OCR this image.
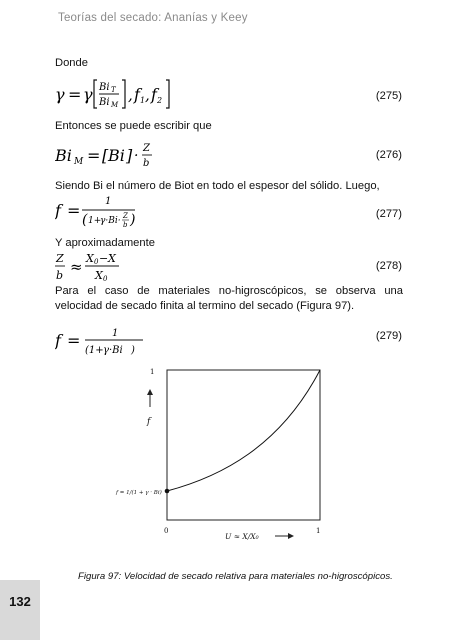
Teorías del secado: Ananías y Keey
Donde
γ = γ Bi T
Bi M
, f 1 , f 2	(275)
Entonces se puede escribir que
Bi M = [ Bi ] · Z
b
(276)
Siendo Bi el número de Biot en todo el espesor del sólido. Luego,
f = 1
( 1+
γ·Bi· Z
b )	(277)
Y aproximadamente
Z
b ≈ X 0 − X
X 0
(278)
Para el caso de materiales no-higroscópicos, se observa una velocidad de secado finita al termino del secado (Figura 97).
f =	1
(1+ γ·Bi )
(279)
1
f
f = 1/(1 + γ · Bi)
0	1
U ≈ X/X₀
Figura 97: Velocidad de secado relativa para materiales no-higroscópicos.
132
